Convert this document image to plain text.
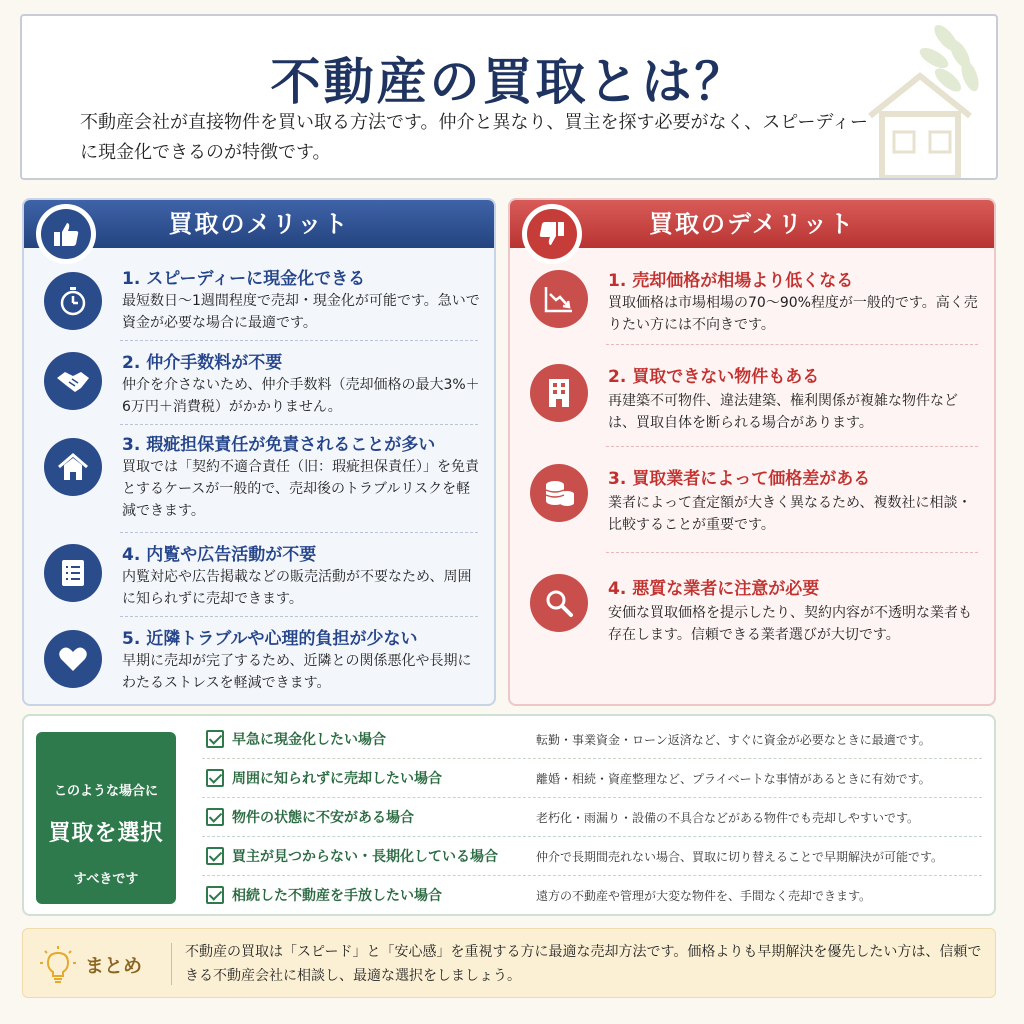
不動産の買取とは？
不動産会社が直接物件を買い取る方法です。仲介と異なり、買主を探す必要がなく、スピーディーに現金化できるのが特徴です。
買取のメリット
1. スピーディーに現金化できる
最短数日〜1週間程度で売却・現金化が可能です。急いで資金が必要な場合に最適です。
2. 仲介手数料が不要
仲介を介さないため、仲介手数料（売却価格の最大3%＋6万円＋消費税）がかかりません。
3. 瑕疵担保責任が免責されることが多い
買取では「契約不適合責任（旧：瑕疵担保責任）」を免責とするケースが一般的で、売却後のトラブルリスクを軽減できます。
4. 内覧や広告活動が不要
内覧対応や広告掲載などの販売活動が不要なため、周囲に知られずに売却できます。
5. 近隣トラブルや心理的負担が少ない
早期に売却が完了するため、近隣との関係悪化や長期にわたるストレスを軽減できます。
買取のデメリット
1. 売却価格が相場より低くなる
買取価格は市場相場の70〜90%程度が一般的です。高く売りたい方には不向きです。
2. 買取できない物件もある
再建築不可物件、違法建築、権利関係が複雑な物件などは、買取自体を断られる場合があります。
3. 買取業者によって価格差がある
業者によって査定額が大きく異なるため、複数社に相談・比較することが重要です。
4. 悪質な業者に注意が必要
安価な買取価格を提示したり、契約内容が不透明な業者も存在します。信頼できる業者選びが大切です。
このような場合に
買取を選択
すべきです
早急に現金化したい場合	転勤・事業資金・ローン返済など、すぐに資金が必要なときに最適です。
周囲に知られずに売却したい場合	離婚・相続・資産整理など、プライベートな事情があるときに有効です。
物件の状態に不安がある場合	老朽化・雨漏り・設備の不具合などがある物件でも売却しやすいです。
買主が見つからない・長期化している場合	仲介で長期間売れない場合、買取に切り替えることで早期解決が可能です。
相続した不動産を手放したい場合	遠方の不動産や管理が大変な物件を、手間なく売却できます。
まとめ
不動産の買取は「スピード」と「安心感」を重視する方に最適な売却方法です。価格よりも早期解決を優先したい方は、信頼できる不動産会社に相談し、最適な選択をしましょう。
